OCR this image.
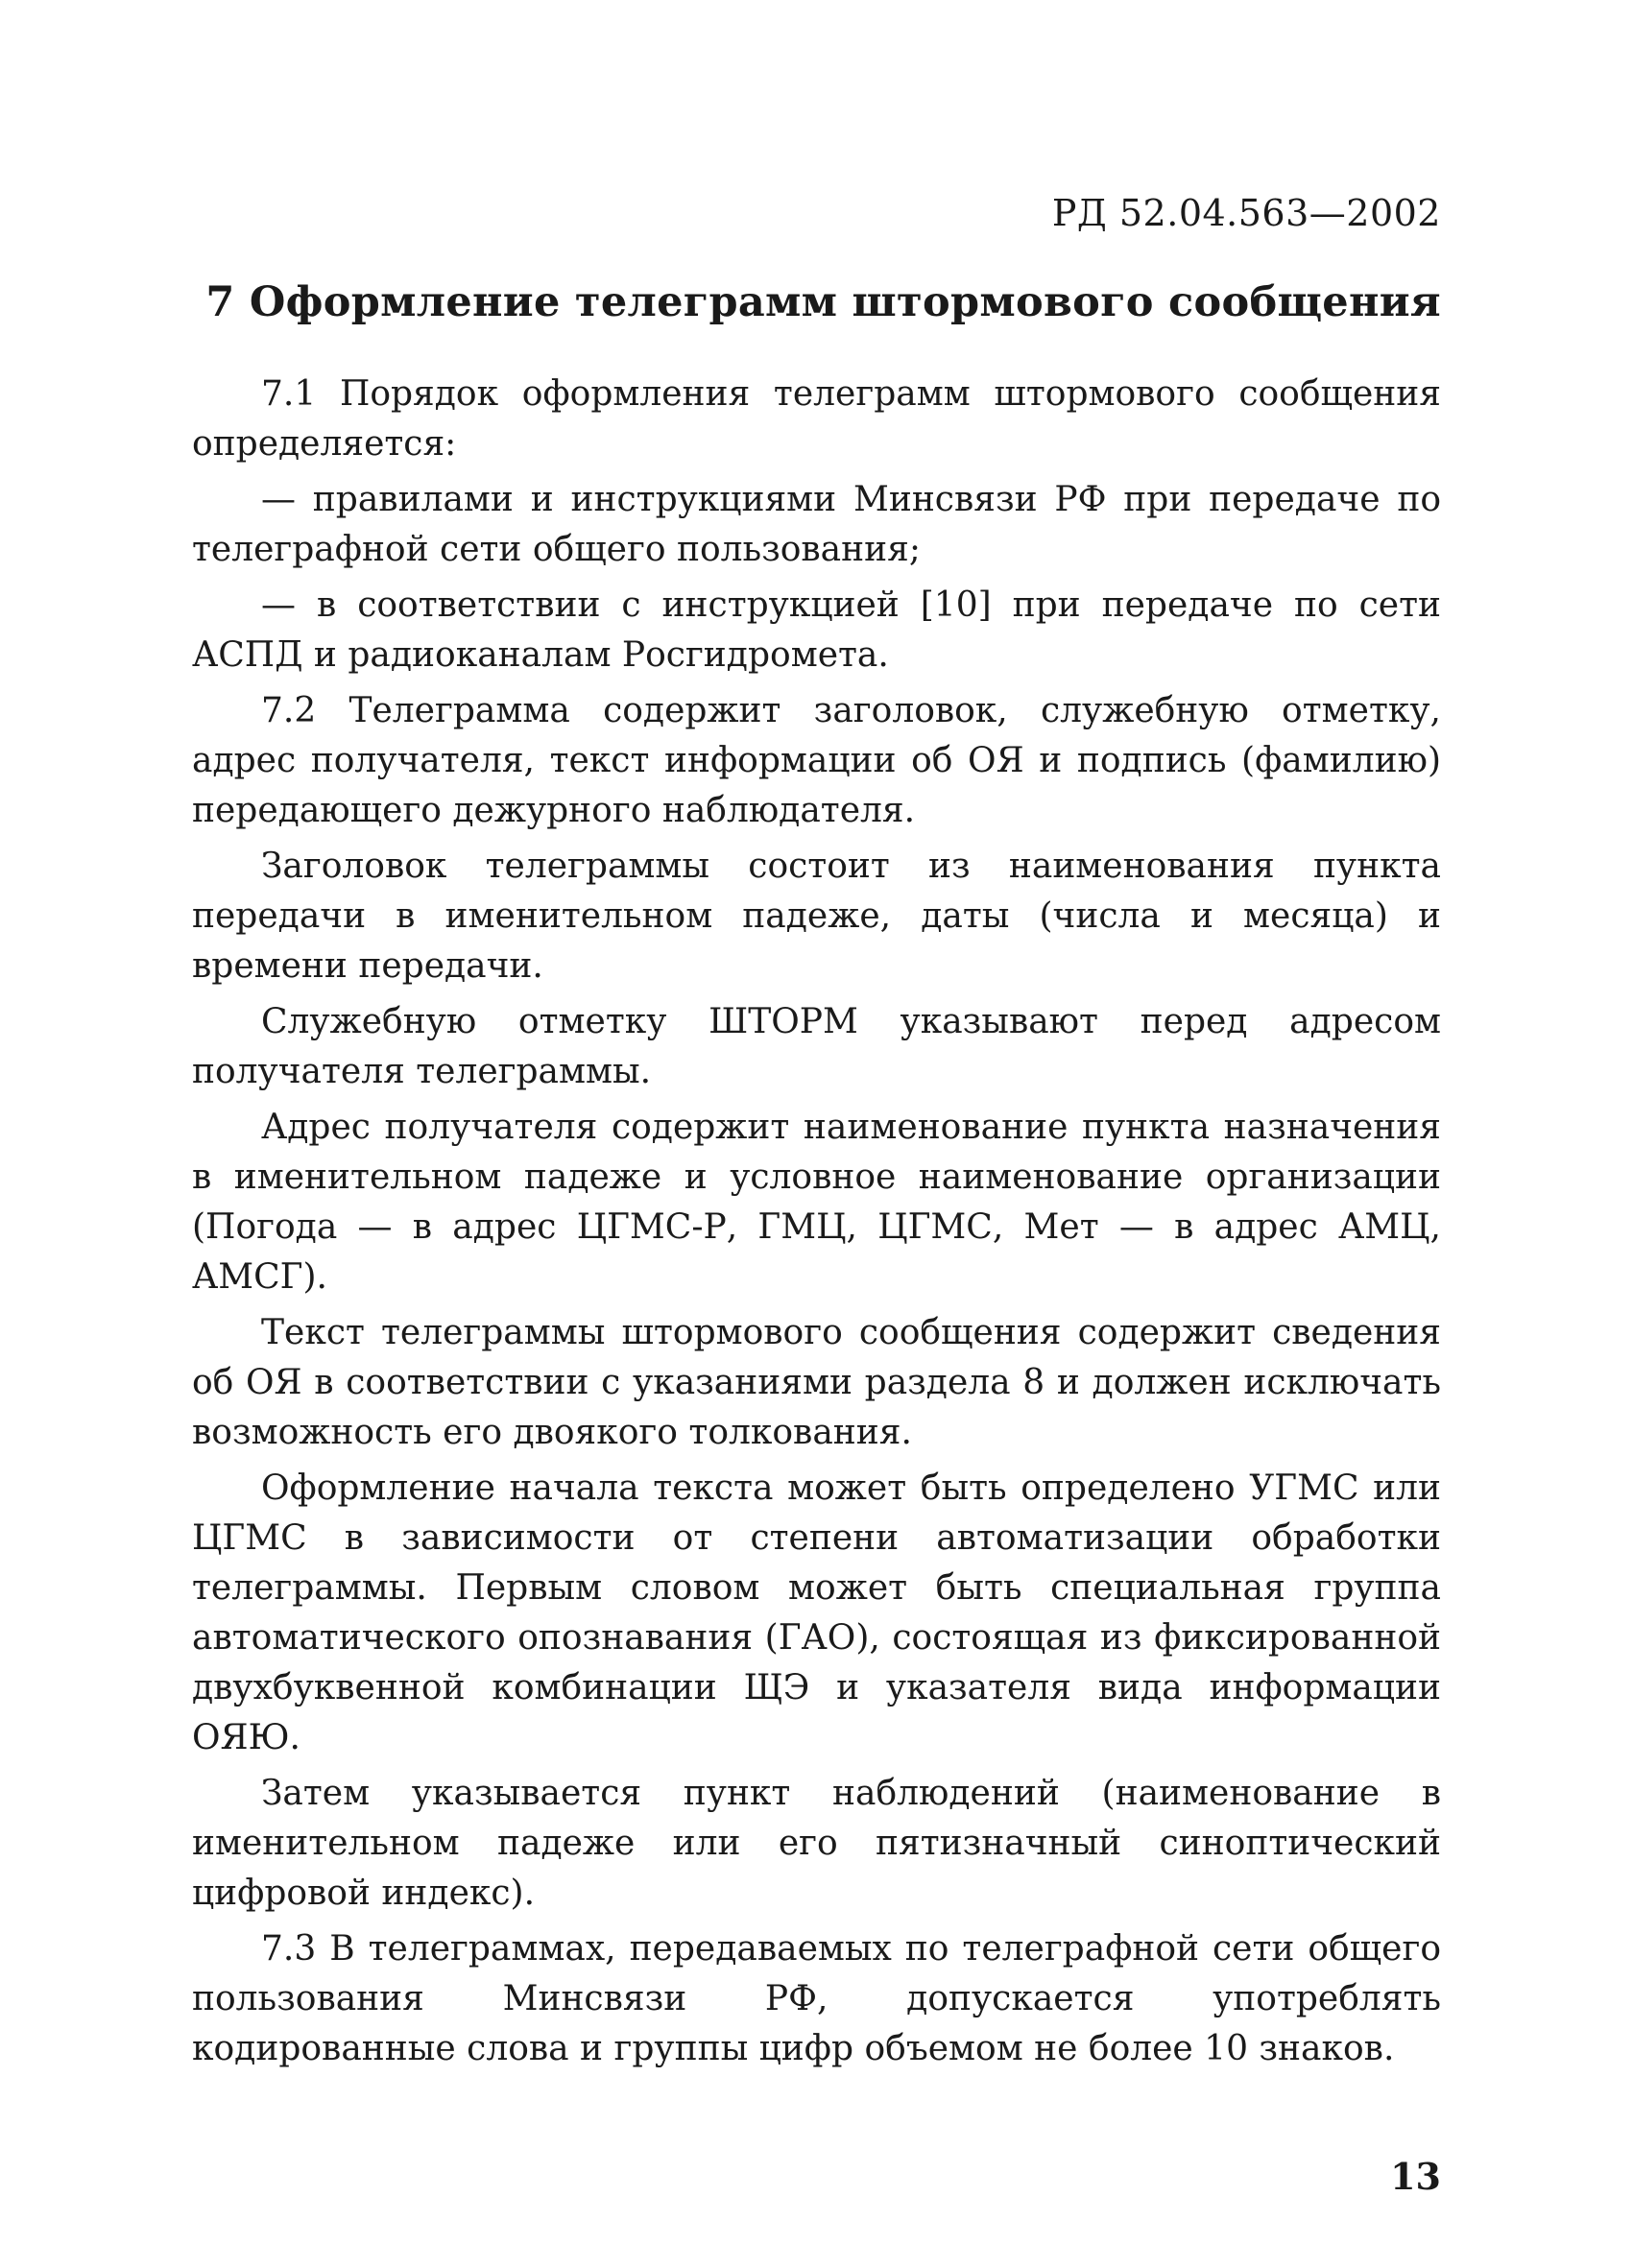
РД 52.04.563—2002
7 Оформление телеграмм штормового сообщения

7.1 Порядок оформления телеграмм штормового сообщения определяется:

— правилами и инструкциями Минсвязи РФ при передаче по телеграфной сети общего пользования;

— в соответствии с инструкцией [10] при передаче по сети АСПД и радиоканалам Росгидромета.

7.2 Телеграмма содержит заголовок, служебную отметку, адрес получателя, текст информации об ОЯ и подпись (фамилию) передающего дежурного наблюдателя.

Заголовок телеграммы состоит из наименования пункта передачи в именительном падеже, даты (числа и месяца) и времени передачи.

Служебную отметку ШТОРМ указывают перед адресом получателя телеграммы.

Адрес получателя содержит наименование пункта назначения в именительном падеже и условное наименование организации (Погода — в адрес ЦГМС-Р, ГМЦ, ЦГМС, Мет — в адрес АМЦ, АМСГ).

Текст телеграммы штормового сообщения содержит сведения об ОЯ в соответствии с указаниями раздела 8 и должен исключать возможность его двоякого толкования.

Оформление начала текста может быть определено УГМС или ЦГМС в зависимости от степени автоматизации обработки телеграммы. Первым словом может быть специальная группа автоматического опознавания (ГАО), состоящая из фиксированной двухбуквенной комбинации ЩЭ и указателя вида информации ОЯЮ.

Затем указывается пункт наблюдений (наименование в именительном падеже или его пятизначный синоптический цифровой индекс).

7.3 В телеграммах, передаваемых по телеграфной сети общего пользования Минсвязи РФ, допускается употреблять кодированные слова и группы цифр объемом не более 10 знаков.

13
